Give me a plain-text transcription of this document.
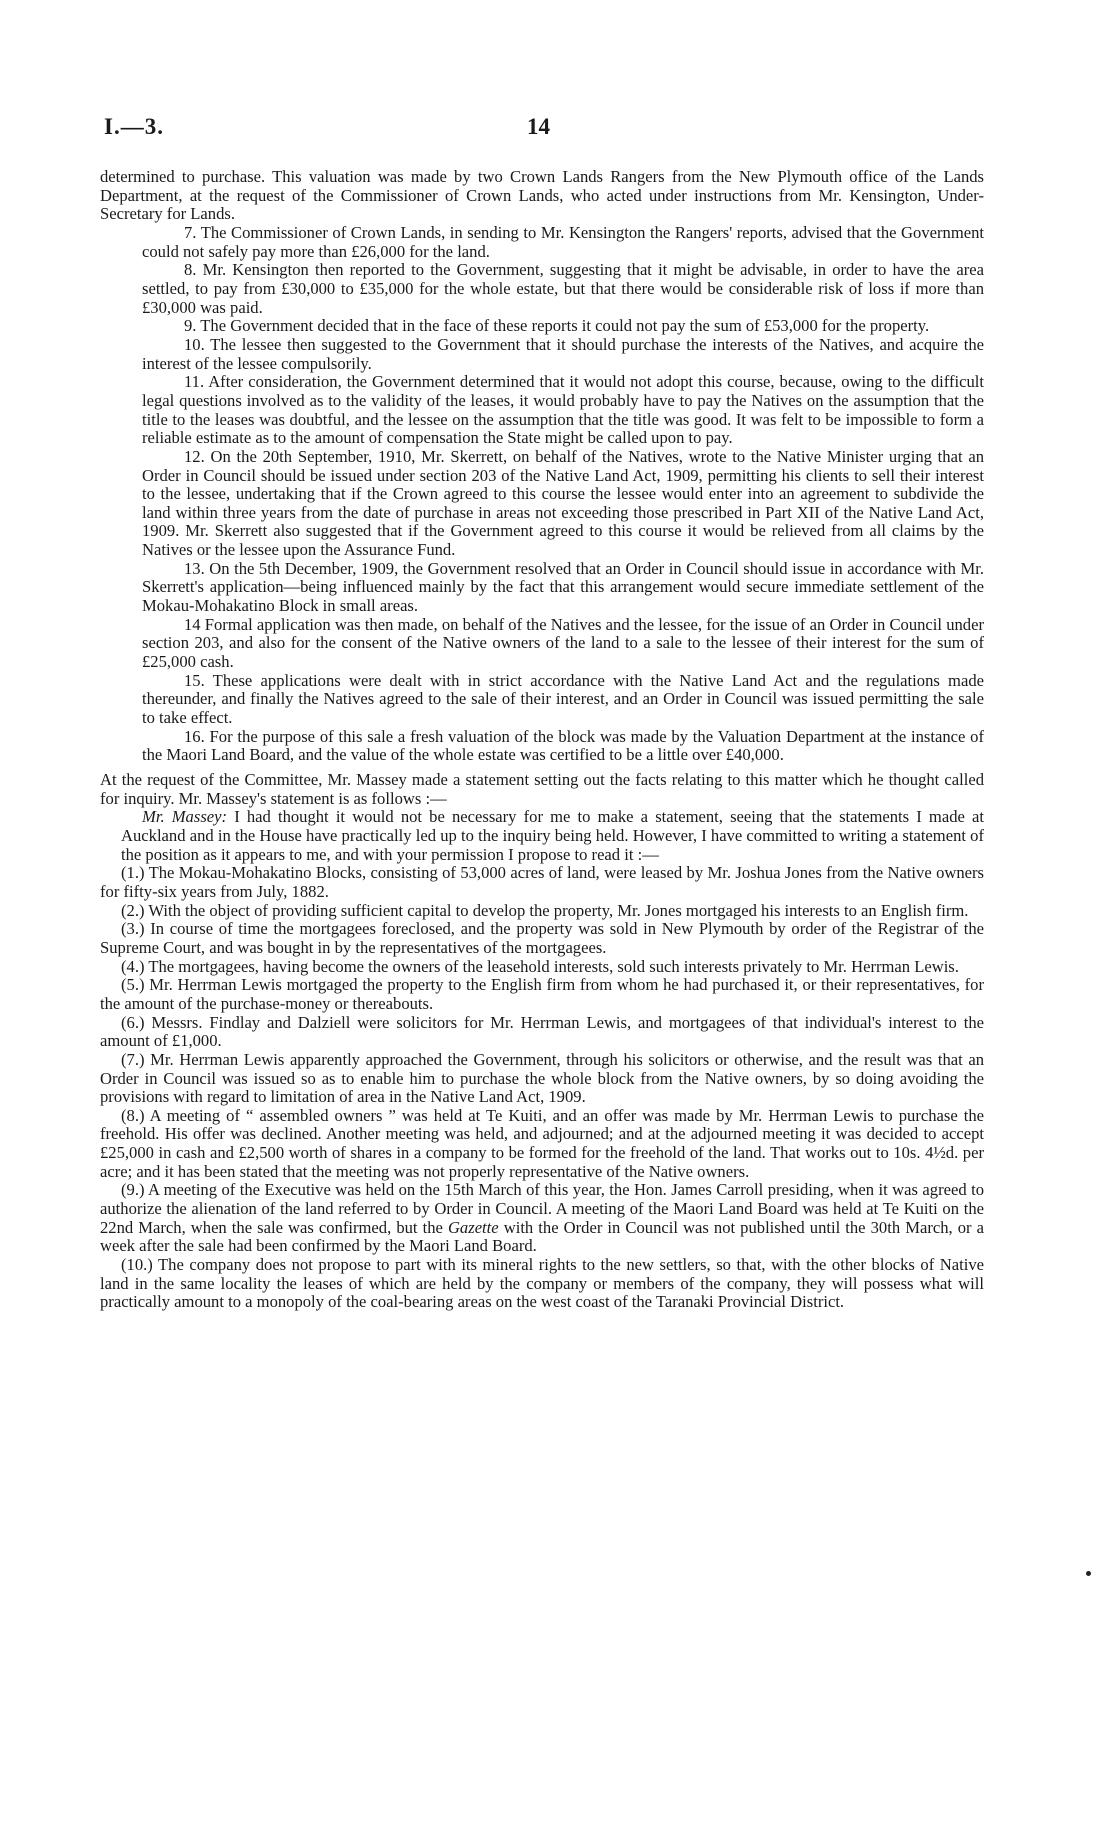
I.—3.	14

determined to purchase. This valuation was made by two Crown Lands Rangers from the New Plymouth office of the Lands Department, at the request of the Commissioner of Crown Lands, who acted under instructions from Mr. Kensington, Under-Secretary for Lands.

7. The Commissioner of Crown Lands, in sending to Mr. Kensington the Rangers' reports, advised that the Government could not safely pay more than £26,000 for the land.

8. Mr. Kensington then reported to the Government, suggesting that it might be advisable, in order to have the area settled, to pay from £30,000 to £35,000 for the whole estate, but that there would be considerable risk of loss if more than £30,000 was paid.

9. The Government decided that in the face of these reports it could not pay the sum of £53,000 for the property.

10. The lessee then suggested to the Government that it should purchase the interests of the Natives, and acquire the interest of the lessee compulsorily.

11. After consideration, the Government determined that it would not adopt this course, because, owing to the difficult legal questions involved as to the validity of the leases, it would probably have to pay the Natives on the assumption that the title to the leases was doubtful, and the lessee on the assumption that the title was good. It was felt to be impossible to form a reliable estimate as to the amount of compensation the State might be called upon to pay.

12. On the 20th September, 1910, Mr. Skerrett, on behalf of the Natives, wrote to the Native Minister urging that an Order in Council should be issued under section 203 of the Native Land Act, 1909, permitting his clients to sell their interest to the lessee, undertaking that if the Crown agreed to this course the lessee would enter into an agreement to subdivide the land within three years from the date of purchase in areas not exceeding those prescribed in Part XII of the Native Land Act, 1909. Mr. Skerrett also suggested that if the Government agreed to this course it would be relieved from all claims by the Natives or the lessee upon the Assurance Fund.

13. On the 5th December, 1909, the Government resolved that an Order in Council should issue in accordance with Mr. Skerrett's application—being influenced mainly by the fact that this arrangement would secure immediate settlement of the Mokau-Mohakatino Block in small areas.

14 Formal application was then made, on behalf of the Natives and the lessee, for the issue of an Order in Council under section 203, and also for the consent of the Native owners of the land to a sale to the lessee of their interest for the sum of £25,000 cash.

15. These applications were dealt with in strict accordance with the Native Land Act and the regulations made thereunder, and finally the Natives agreed to the sale of their interest, and an Order in Council was issued permitting the sale to take effect.

16. For the purpose of this sale a fresh valuation of the block was made by the Valuation Department at the instance of the Maori Land Board, and the value of the whole estate was certified to be a little over £40,000.

At the request of the Committee, Mr. Massey made a statement setting out the facts relating to this matter which he thought called for inquiry. Mr. Massey's statement is as follows :—

Mr. Massey: I had thought it would not be necessary for me to make a statement, seeing that the statements I made at Auckland and in the House have practically led up to the inquiry being held. However, I have committed to writing a statement of the position as it appears to me, and with your permission I propose to read it :—

(1.) The Mokau-Mohakatino Blocks, consisting of 53,000 acres of land, were leased by Mr. Joshua Jones from the Native owners for fifty-six years from July, 1882.

(2.) With the object of providing sufficient capital to develop the property, Mr. Jones mortgaged his interests to an English firm.

(3.) In course of time the mortgagees foreclosed, and the property was sold in New Plymouth by order of the Registrar of the Supreme Court, and was bought in by the representatives of the mortgagees.

(4.) The mortgagees, having become the owners of the leasehold interests, sold such interests privately to Mr. Herrman Lewis.

(5.) Mr. Herrman Lewis mortgaged the property to the English firm from whom he had purchased it, or their representatives, for the amount of the purchase-money or thereabouts.

(6.) Messrs. Findlay and Dalziell were solicitors for Mr. Herrman Lewis, and mortgagees of that individual's interest to the amount of £1,000.

(7.) Mr. Herrman Lewis apparently approached the Government, through his solicitors or otherwise, and the result was that an Order in Council was issued so as to enable him to purchase the whole block from the Native owners, by so doing avoiding the provisions with regard to limitation of area in the Native Land Act, 1909.

(8.) A meeting of “ assembled owners ” was held at Te Kuiti, and an offer was made by Mr. Herrman Lewis to purchase the freehold. His offer was declined. Another meeting was held, and adjourned; and at the adjourned meeting it was decided to accept £25,000 in cash and £2,500 worth of shares in a company to be formed for the freehold of the land. That works out to 10s. 4½d. per acre; and it has been stated that the meeting was not properly representative of the Native owners.

(9.) A meeting of the Executive was held on the 15th March of this year, the Hon. James Carroll presiding, when it was agreed to authorize the alienation of the land referred to by Order in Council. A meeting of the Maori Land Board was held at Te Kuiti on the 22nd March, when the sale was confirmed, but the Gazette with the Order in Council was not published until the 30th March, or a week after the sale had been confirmed by the Maori Land Board.

(10.) The company does not propose to part with its mineral rights to the new settlers, so that, with the other blocks of Native land in the same locality the leases of which are held by the company or members of the company, they will possess what will practically amount to a monopoly of the coal-bearing areas on the west coast of the Taranaki Provincial District.
